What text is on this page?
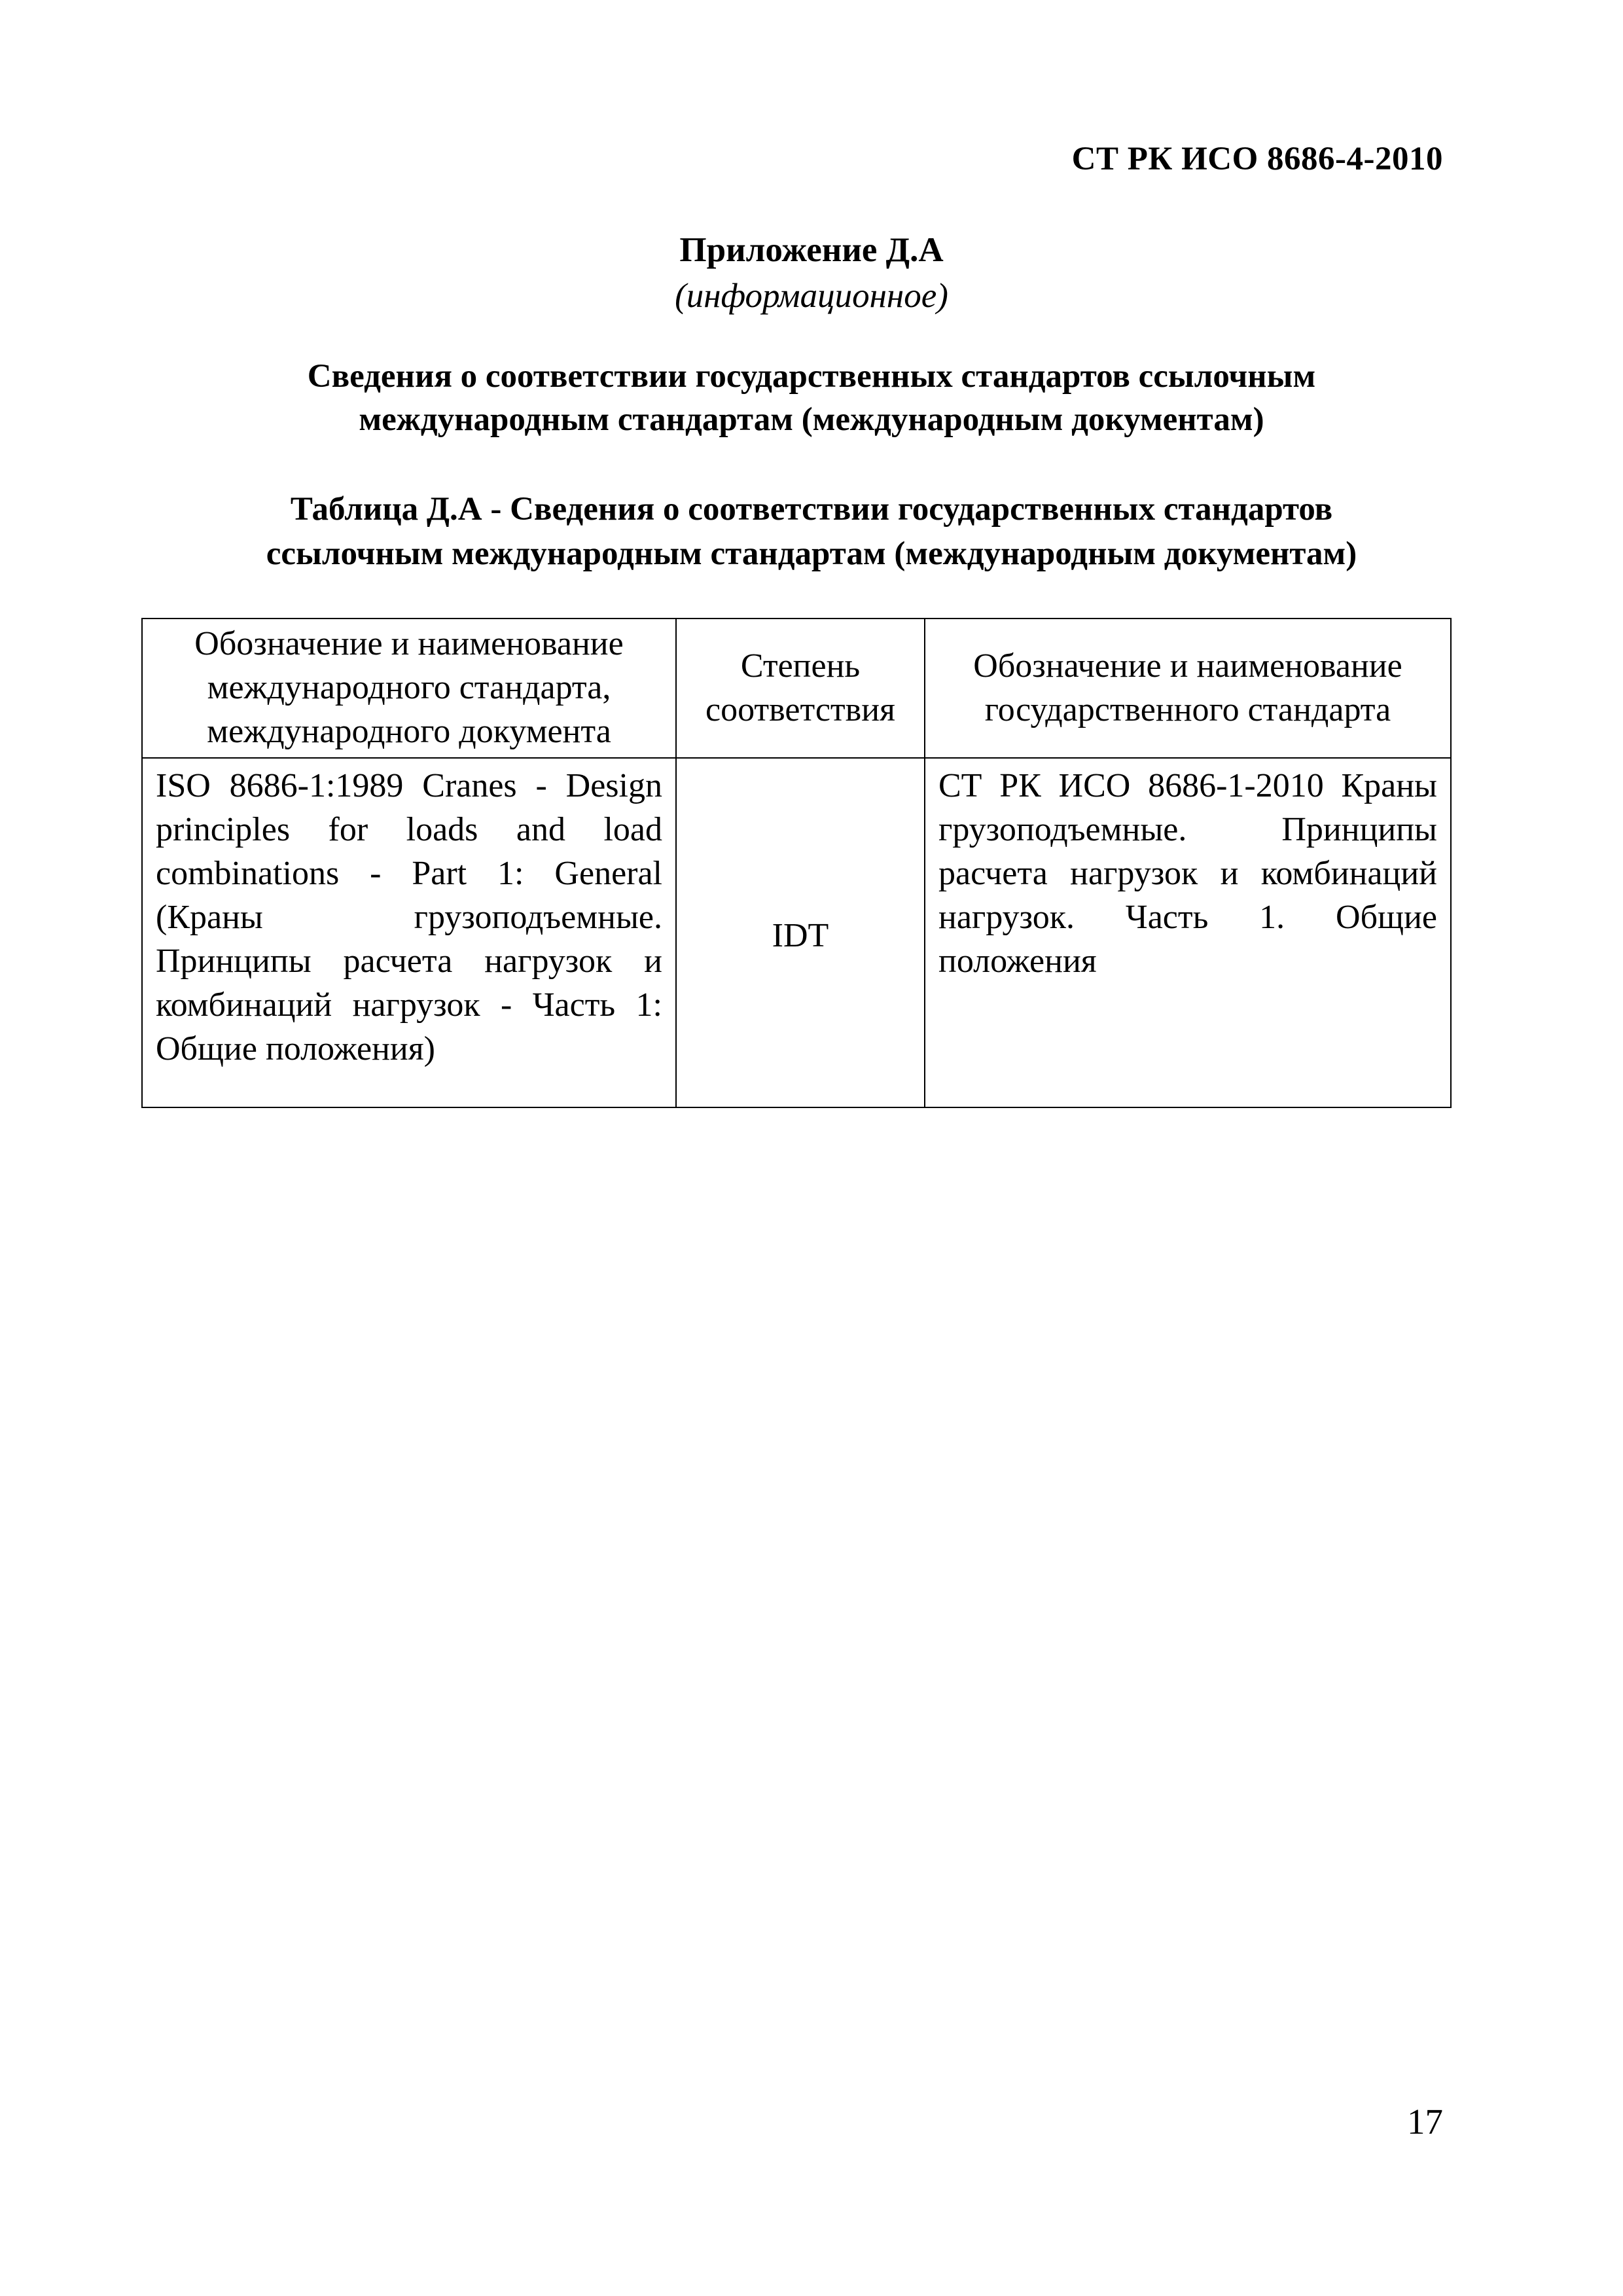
СТ РК ИСО 8686-4-2010
Приложение Д.А
(информационное)
Сведения о соответствии государственных стандартов ссылочным
международным стандартам (международным документам)
Таблица Д.А - Сведения о соответствии государственных стандартов
ссылочным международным стандартам (международным документам)
Обозначение и наименование международного стандарта, международного документа	Степень соответствия	Обозначение и наименование государственного стандарта
ISO 8686-1:1989 Cranes - Design principles for loads and load combinations - Part 1: General (Краны грузоподъемные. Принципы расчета нагрузок и комбинаций нагрузок - Часть 1: Общие положения)	IDT	СТ РК ИСО 8686-1-2010 Краны грузоподъемные. Принципы расчета нагрузок и комбинаций нагрузок. Часть 1. Общие положения
17
